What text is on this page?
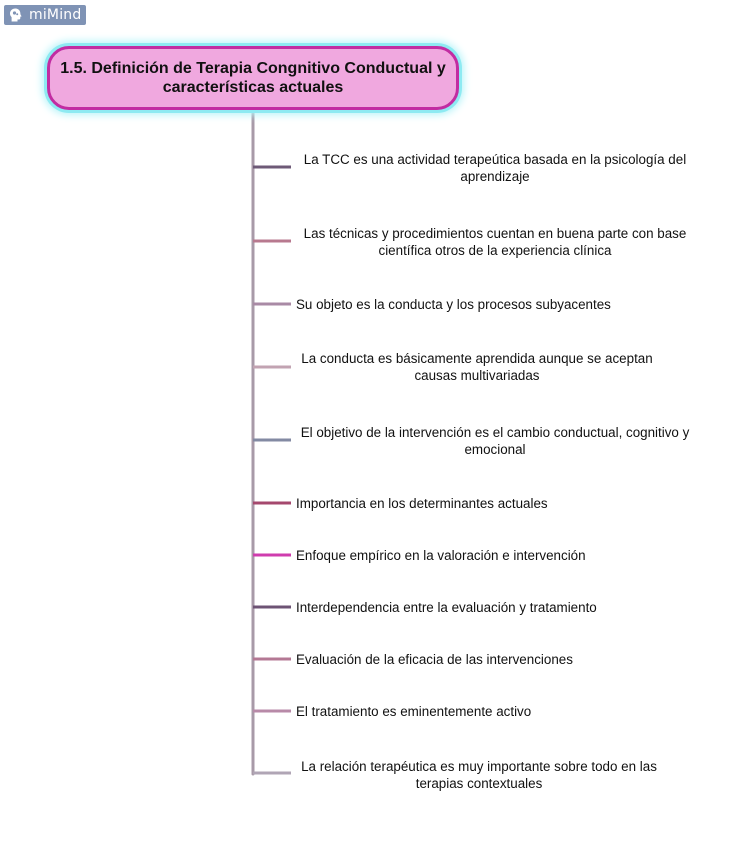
miMind
1.5. Definición de Terapia Congnitivo Conductual y características actuales
La TCC es una actividad terapeútica basada en la psicología del aprendizaje
Las técnicas y procedimientos cuentan en buena parte con base científica otros de la experiencia clínica
Su objeto es la conducta y los procesos subyacentes
La conducta es básicamente aprendida aunque se aceptan causas multivariadas
El objetivo de la intervención es el cambio conductual, cognitivo y emocional
Importancia en los determinantes actuales
Enfoque empírico en la valoración e intervención
Interdependencia entre la evaluación y tratamiento
Evaluación de la eficacia de las intervenciones
El tratamiento es eminentemente activo
La relación terapéutica es muy importante sobre todo en las terapias contextuales
